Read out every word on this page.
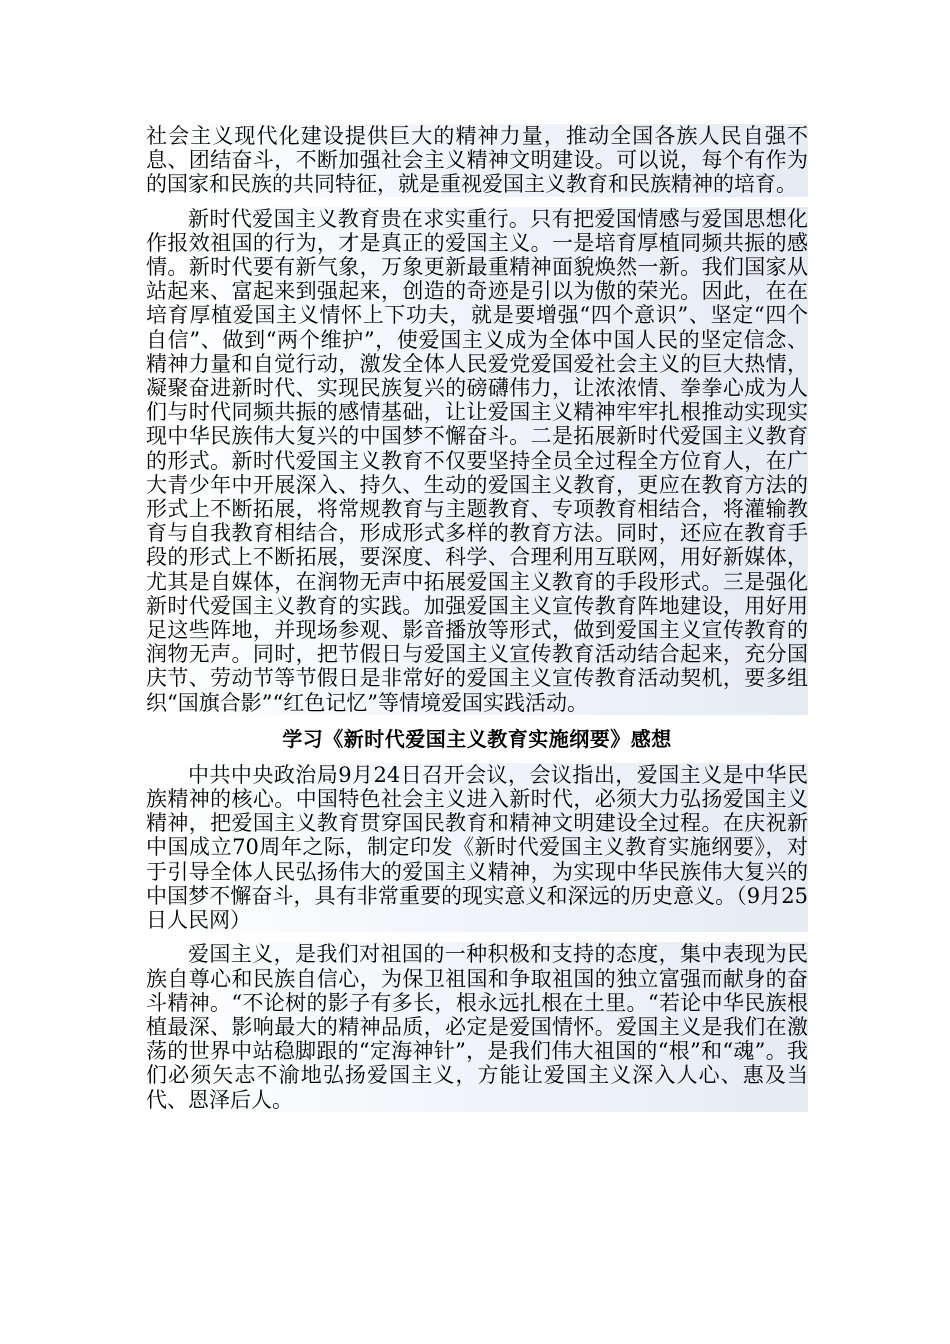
社会主义现代化建设提供巨大的精神力量，推动全国各族人民自强不息、团结奋斗，不断加强社会主义精神文明建设。可以说，每个有作为的国家和民族的共同特征，就是重视爱国主义教育和民族精神的培育。

新时代爱国主义教育贵在求实重行。只有把爱国情感与爱国思想化作报效祖国的行为，才是真正的爱国主义。一是培育厚植同频共振的感情。新时代要有新气象，万象更新最重精神面貌焕然一新。我们国家从站起来、富起来到强起来，创造的奇迹是引以为傲的荣光。因此，在在培育厚植爱国主义情怀上下功夫，就是要增强“四个意识”、坚定“四个自信”、做到“两个维护”，使爱国主义成为全体中国人民的坚定信念、精神力量和自觉行动，激发全体人民爱党爱国爱社会主义的巨大热情，凝聚奋进新时代、实现民族复兴的磅礴伟力，让浓浓情、拳拳心成为人们与时代同频共振的感情基础，让让爱国主义精神牢牢扎根推动实现实现中华民族伟大复兴的中国梦不懈奋斗。二是拓展新时代爱国主义教育的形式。新时代爱国主义教育不仅要坚持全员全过程全方位育人，在广大青少年中开展深入、持久、生动的爱国主义教育，更应在教育方法的形式上不断拓展，将常规教育与主题教育、专项教育相结合，将灌输教育与自我教育相结合，形成形式多样的教育方法。同时，还应在教育手段的形式上不断拓展，要深度、科学、合理利用互联网，用好新媒体，尤其是自媒体，在润物无声中拓展爱国主义教育的手段形式。三是强化新时代爱国主义教育的实践。加强爱国主义宣传教育阵地建设，用好用足这些阵地，并现场参观、影音播放等形式，做到爱国主义宣传教育的润物无声。同时，把节假日与爱国主义宣传教育活动结合起来，充分国庆节、劳动节等节假日是非常好的爱国主义宣传教育活动契机，要多组织“国旗合影”“红色记忆”等情境爱国实践活动。

学习《新时代爱国主义教育实施纲要》感想

中共中央政治局9月24日召开会议，会议指出，爱国主义是中华民族精神的核心。中国特色社会主义进入新时代，必须大力弘扬爱国主义精神，把爱国主义教育贯穿国民教育和精神文明建设全过程。在庆祝新中国成立70周年之际，制定印发《新时代爱国主义教育实施纲要》，对于引导全体人民弘扬伟大的爱国主义精神，为实现中华民族伟大复兴的中国梦不懈奋斗，具有非常重要的现实意义和深远的历史意义。（9月25日人民网）

爱国主义，是我们对祖国的一种积极和支持的态度，集中表现为民族自尊心和民族自信心，为保卫祖国和争取祖国的独立富强而献身的奋斗精神。“不论树的影子有多长，根永远扎根在土里。“若论中华民族根植最深、影响最大的精神品质，必定是爱国情怀。爱国主义是我们在激荡的世界中站稳脚跟的“定海神针”，是我们伟大祖国的“根”和“魂”。我们必须矢志不渝地弘扬爱国主义，方能让爱国主义深入人心、惠及当代、恩泽后人。
